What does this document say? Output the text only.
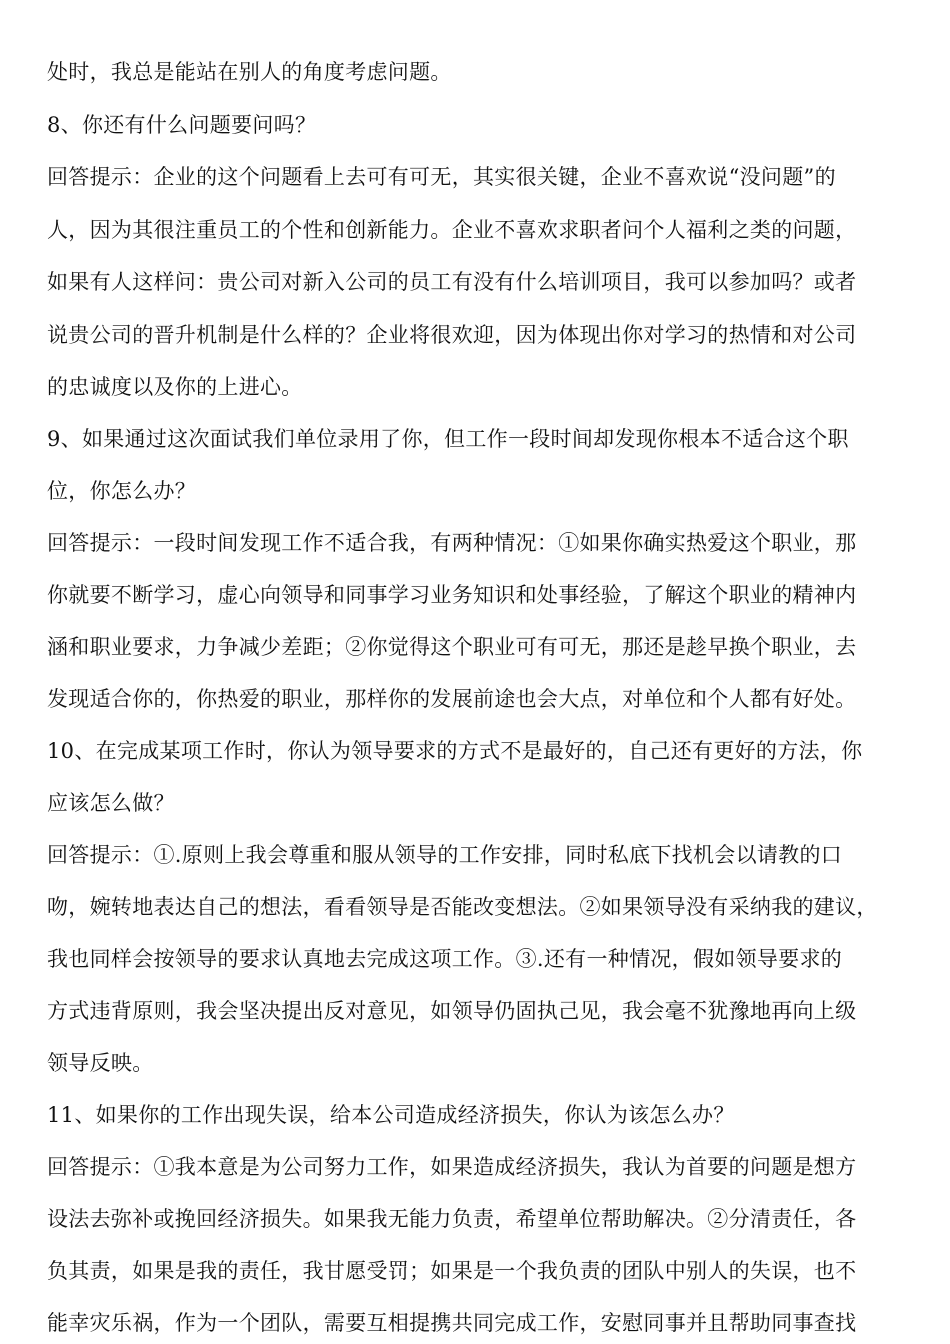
处时，我总是能站在别人的角度考虑问题。
8、你还有什么问题要问吗？
回答提示：企业的这个问题看上去可有可无，其实很关键，企业不喜欢说“没问题”的
人，因为其很注重员工的个性和创新能力。企业不喜欢求职者问个人福利之类的问题，
如果有人这样问：贵公司对新入公司的员工有没有什么培训项目，我可以参加吗？或者
说贵公司的晋升机制是什么样的？企业将很欢迎，因为体现出你对学习的热情和对公司
的忠诚度以及你的上进心。
9、如果通过这次面试我们单位录用了你，但工作一段时间却发现你根本不适合这个职
位，你怎么办？
回答提示：一段时间发现工作不适合我，有两种情况：①如果你确实热爱这个职业，那
你就要不断学习，虚心向领导和同事学习业务知识和处事经验，了解这个职业的精神内
涵和职业要求，力争减少差距；②你觉得这个职业可有可无，那还是趁早换个职业，去
发现适合你的，你热爱的职业，那样你的发展前途也会大点，对单位和个人都有好处。
10、在完成某项工作时，你认为领导要求的方式不是最好的，自己还有更好的方法，你
应该怎么做？
回答提示：①.原则上我会尊重和服从领导的工作安排，同时私底下找机会以请教的口
吻，婉转地表达自己的想法，看看领导是否能改变想法。②如果领导没有采纳我的建议，
我也同样会按领导的要求认真地去完成这项工作。③.还有一种情况，假如领导要求的
方式违背原则，我会坚决提出反对意见，如领导仍固执己见，我会毫不犹豫地再向上级
领导反映。
11、如果你的工作出现失误，给本公司造成经济损失，你认为该怎么办？
回答提示：①我本意是为公司努力工作，如果造成经济损失，我认为首要的问题是想方
设法去弥补或挽回经济损失。如果我无能力负责，希望单位帮助解决。②分清责任，各
负其责，如果是我的责任，我甘愿受罚；如果是一个我负责的团队中别人的失误，也不
能幸灾乐祸，作为一个团队，需要互相提携共同完成工作，安慰同事并且帮助同事查找
